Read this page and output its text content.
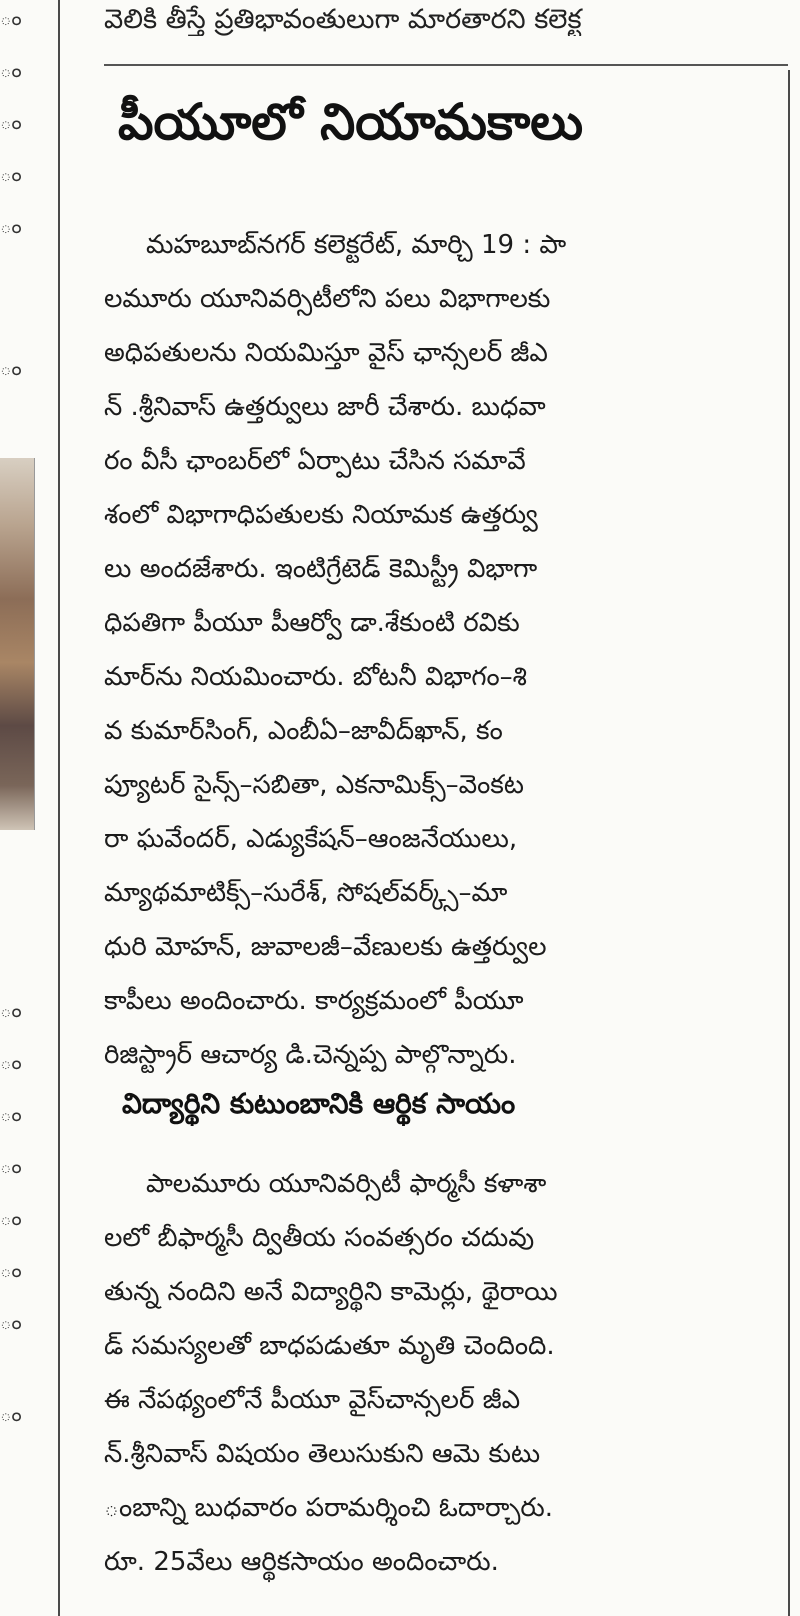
ం
ం
ం
ం
ం
ం
ం
ం
ం
ం
ం
ం
ం
ం
వెలికి తీస్తే ప్రతిభావంతులుగా మారతారని కలెక్ట
పీయూలో నియామకాలు
మహబూబ్‌నగర్ కలెక్టరేట్, మార్చి 19 : పా
లమూరు యూనివర్సిటీలోని పలు విభాగాలకు
అధిపతులను నియమిస్తూ వైస్ ఛాన్సలర్ జీఎ
న్ .శ్రీనివాస్ ఉత్తర్వులు జారీ చేశారు. బుధవా
రం వీసీ ఛాంబర్‌లో ఏర్పాటు చేసిన సమావే
శంలో విభాగాధిపతులకు నియామక ఉత్తర్వు
లు అందజేశారు. ఇంటిగ్రేటెడ్ కెమిస్ట్రీ విభాగా
ధిపతిగా పీయూ పీఆర్వో డా.శేకుంటి రవికు
మార్‌ను నియమించారు. బోటనీ విభాగం–శి
వ కుమార్‌సింగ్, ఎంబీఏ–జావీద్‌ఖాన్, కం
ప్యూటర్ సైన్స్–సబితా, ఎకనామిక్స్–వెంకట
రా ఘవేందర్, ఎడ్యుకేషన్–ఆంజనేయులు,
మ్యాథమాటిక్స్–సురేశ్, సోషల్‌వర్క్స్–మా
ధురి మోహన్, జువాలజీ–వేణులకు ఉత్తర్వుల
కాపీలు అందించారు. కార్యక్రమంలో పీయూ
రిజిస్ట్రార్ ఆచార్య డి.చెన్నప్ప పాల్గొన్నారు.
విద్యార్థిని కుటుంబానికి ఆర్థిక సాయం
పాలమూరు యూనివర్సిటీ ఫార్మసీ కళాశా
లలో బీఫార్మసీ ద్వితీయ సంవత్సరం చదువు
తున్న నందిని అనే విద్యార్థిని కామెర్లు, థైరాయి
డ్ సమస్యలతో బాధపడుతూ మృతి చెందింది.
ఈ నేపథ్యంలోనే పీయూ వైస్‌చాన్సలర్ జీఎ
న్.శ్రీనివాస్ విషయం తెలుసుకుని ఆమె కుటు
ంబాన్ని బుధవారం పరామర్శించి ఓదార్చారు.
రూ. 25వేలు ఆర్థికసాయం అందించారు.
